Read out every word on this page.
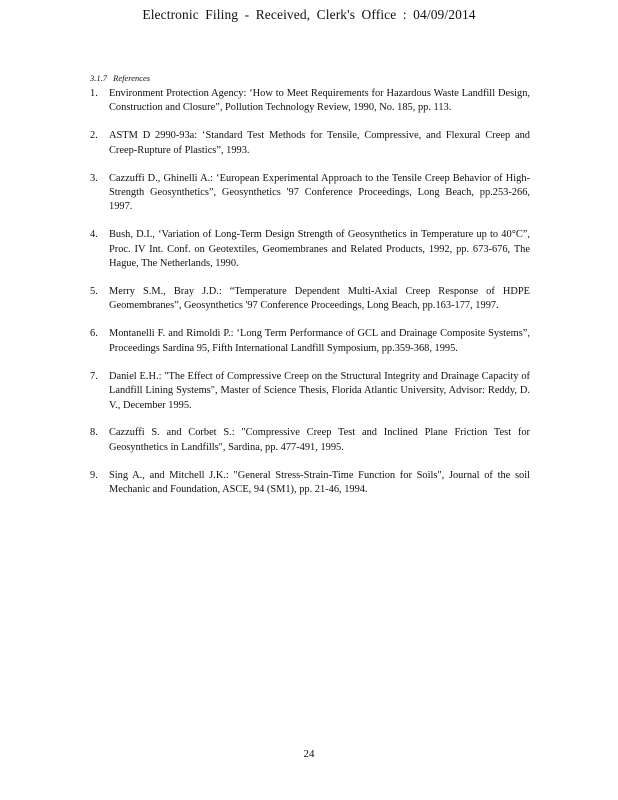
Electronic Filing - Received, Clerk's Office : 04/09/2014
3.1.7 References
1. Environment Protection Agency: ‘How to Meet Requirements for Hazardous Waste Landfill Design, Construction and Closure”, Pollution Technology Review, 1990, No. 185, pp. 113.
2. ASTM D 2990-93a: ‘Standard Test Methods for Tensile, Compressive, and Flexural Creep and Creep-Rupture of Plastics”, 1993.
3. Cazzuffi D., Ghinelli A.: ‘European Experimental Approach to the Tensile Creep Behavior of High-Strength Geosynthetics”, Geosynthetics '97 Conference Proceedings, Long Beach, pp.253-266, 1997.
4. Bush, D.I., ‘Variation of Long-Term Design Strength of Geosynthetics in Temperature up to 40°C”, Proc. IV Int. Conf. on Geotextiles, Geomembranes and Related Products, 1992, pp. 673-676, The Hague, The Netherlands, 1990.
5. Merry S.M., Bray J.D.: “Temperature Dependent Multi-Axial Creep Response of HDPE Geomembranes”, Geosynthetics '97 Conference Proceedings, Long Beach, pp.163-177, 1997.
6. Montanelli F. and Rimoldi P.: ‘Long Term Performance of GCL and Drainage Composite Systems”, Proceedings Sardina 95, Fifth International Landfill Symposium, pp.359-368, 1995.
7. Daniel E.H.: "The Effect of Compressive Creep on the Structural Integrity and Drainage Capacity of Landfill Lining Systems", Master of Science Thesis, Florida Atlantic University, Advisor: Reddy, D. V., December 1995.
8. Cazzuffi S. and Corbet S.: "Compressive Creep Test and Inclined Plane Friction Test for Geosynthetics in Landfills", Sardina, pp. 477-491, 1995.
9. Sing A., and Mitchell J.K.: "General Stress-Strain-Time Function for Soils", Journal of the soil Mechanic and Foundation, ASCE, 94 (SM1), pp. 21-46, 1994.
24
